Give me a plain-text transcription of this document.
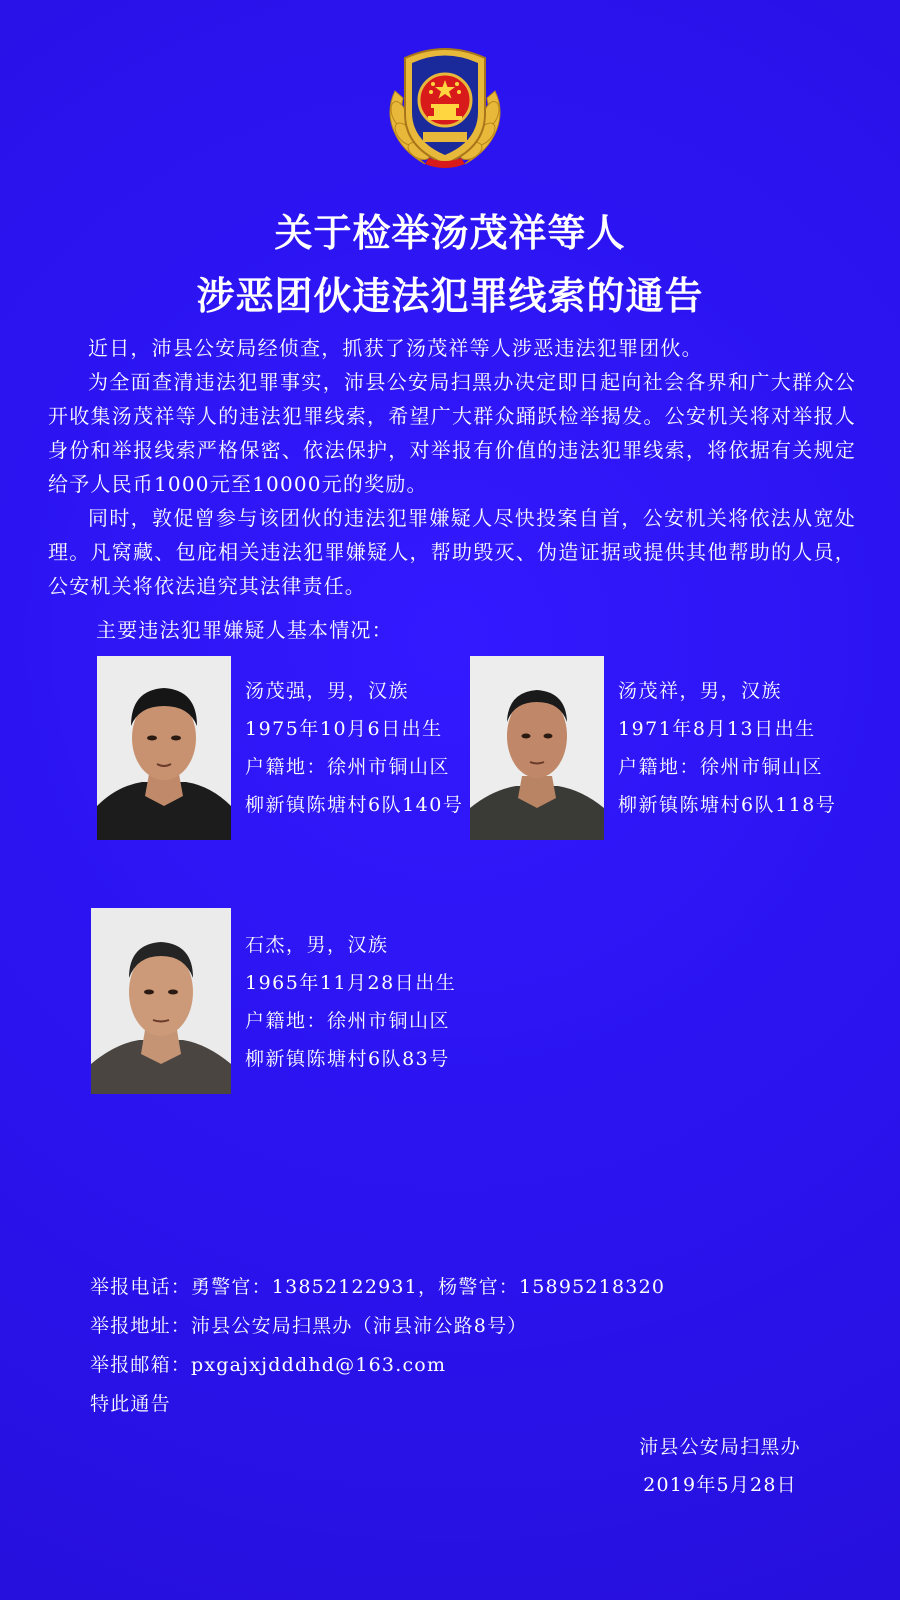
关于检举汤茂祥等人
涉恶团伙违法犯罪线索的通告

近日，沛县公安局经侦查，抓获了汤茂祥等人涉恶违法犯罪团伙。

为全面查清违法犯罪事实，沛县公安局扫黑办决定即日起向社会各界和广大群众公开收集汤茂祥等人的违法犯罪线索，希望广大群众踊跃检举揭发。公安机关将对举报人身份和举报线索严格保密、依法保护，对举报有价值的违法犯罪线索，将依据有关规定给予人民币1000元至10000元的奖励。

同时，敦促曾参与该团伙的违法犯罪嫌疑人尽快投案自首，公安机关将依法从宽处理。凡窝藏、包庇相关违法犯罪嫌疑人，帮助毁灭、伪造证据或提供其他帮助的人员，公安机关将依法追究其法律责任。

主要违法犯罪嫌疑人基本情况：
汤茂强，男，汉族
1975年10月6日出生
户籍地：徐州市铜山区
柳新镇陈塘村6队140号
汤茂祥，男，汉族
1971年8月13日出生
户籍地：徐州市铜山区
柳新镇陈塘村6队118号
石杰，男，汉族
1965年11月28日出生
户籍地：徐州市铜山区
柳新镇陈塘村6队83号
举报电话：勇警官：13852122931，杨警官：15895218320
举报地址：沛县公安局扫黑办（沛县沛公路8号）
举报邮箱：pxgajxjdddhd@163.com
特此通告
沛县公安局扫黑办
2019年5月28日
